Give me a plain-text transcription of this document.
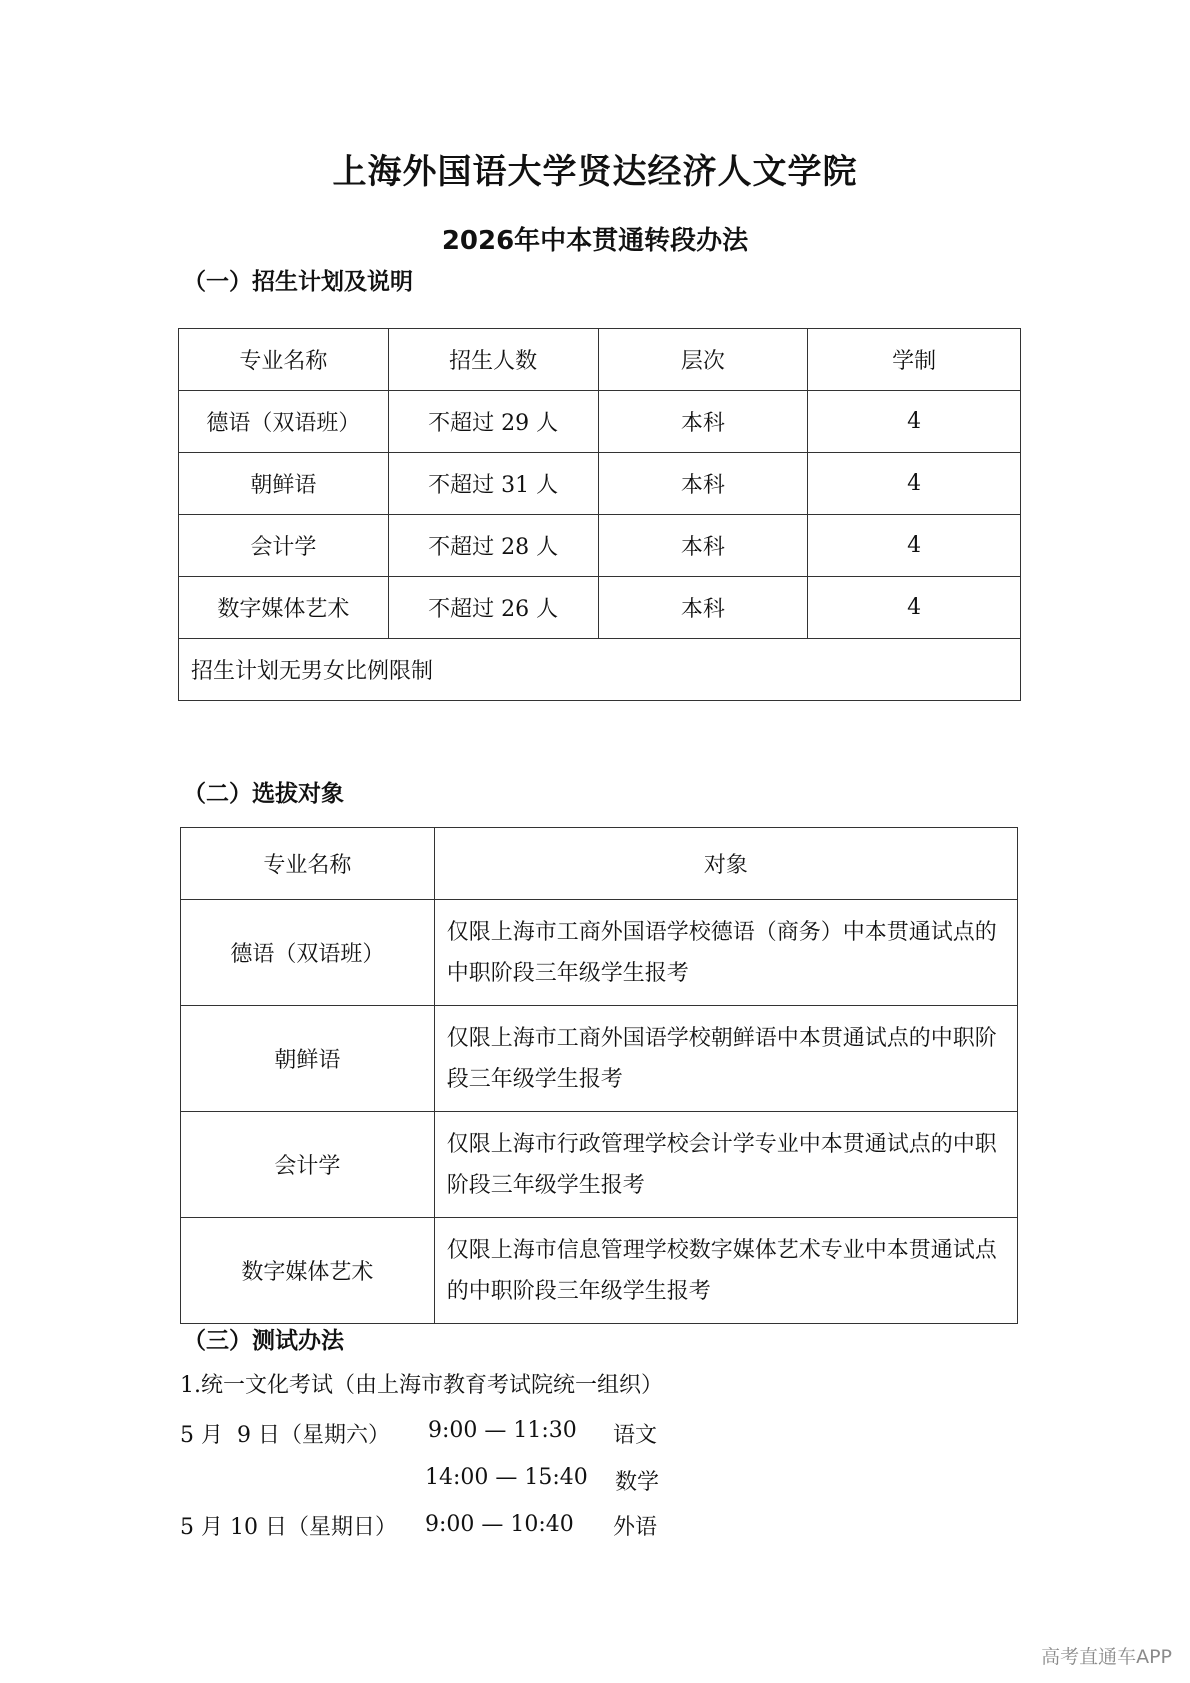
上海外国语大学贤达经济人文学院
2026年中本贯通转段办法
（一）招生计划及说明
专业名称	招生人数	层次	学制
德语（双语班）	不超过 29 人	本科	4
朝鲜语	不超过 31 人	本科	4
会计学	不超过 28 人	本科	4
数字媒体艺术	不超过 26 人	本科	4
招生计划无男女比例限制			
（二）选拔对象
专业名称	对象
德语（双语班）	仅限上海市工商外国语学校德语（商务）中本贯通试点的中职阶段三年级学生报考
朝鲜语	仅限上海市工商外国语学校朝鲜语中本贯通试点的中职阶段三年级学生报考
会计学	仅限上海市行政管理学校会计学专业中本贯通试点的中职阶段三年级学生报考
数字媒体艺术	仅限上海市信息管理学校数字媒体艺术专业中本贯通试点的中职阶段三年级学生报考
（三）测试办法
1.统一文化考试（由上海市教育考试院统一组织）
5 月  9 日（星期六） 9:00 — 11:30 语文
14:00 — 15:40 数学
5 月 10 日（星期日） 9:00 — 10:40 外语
高考直通车APP
